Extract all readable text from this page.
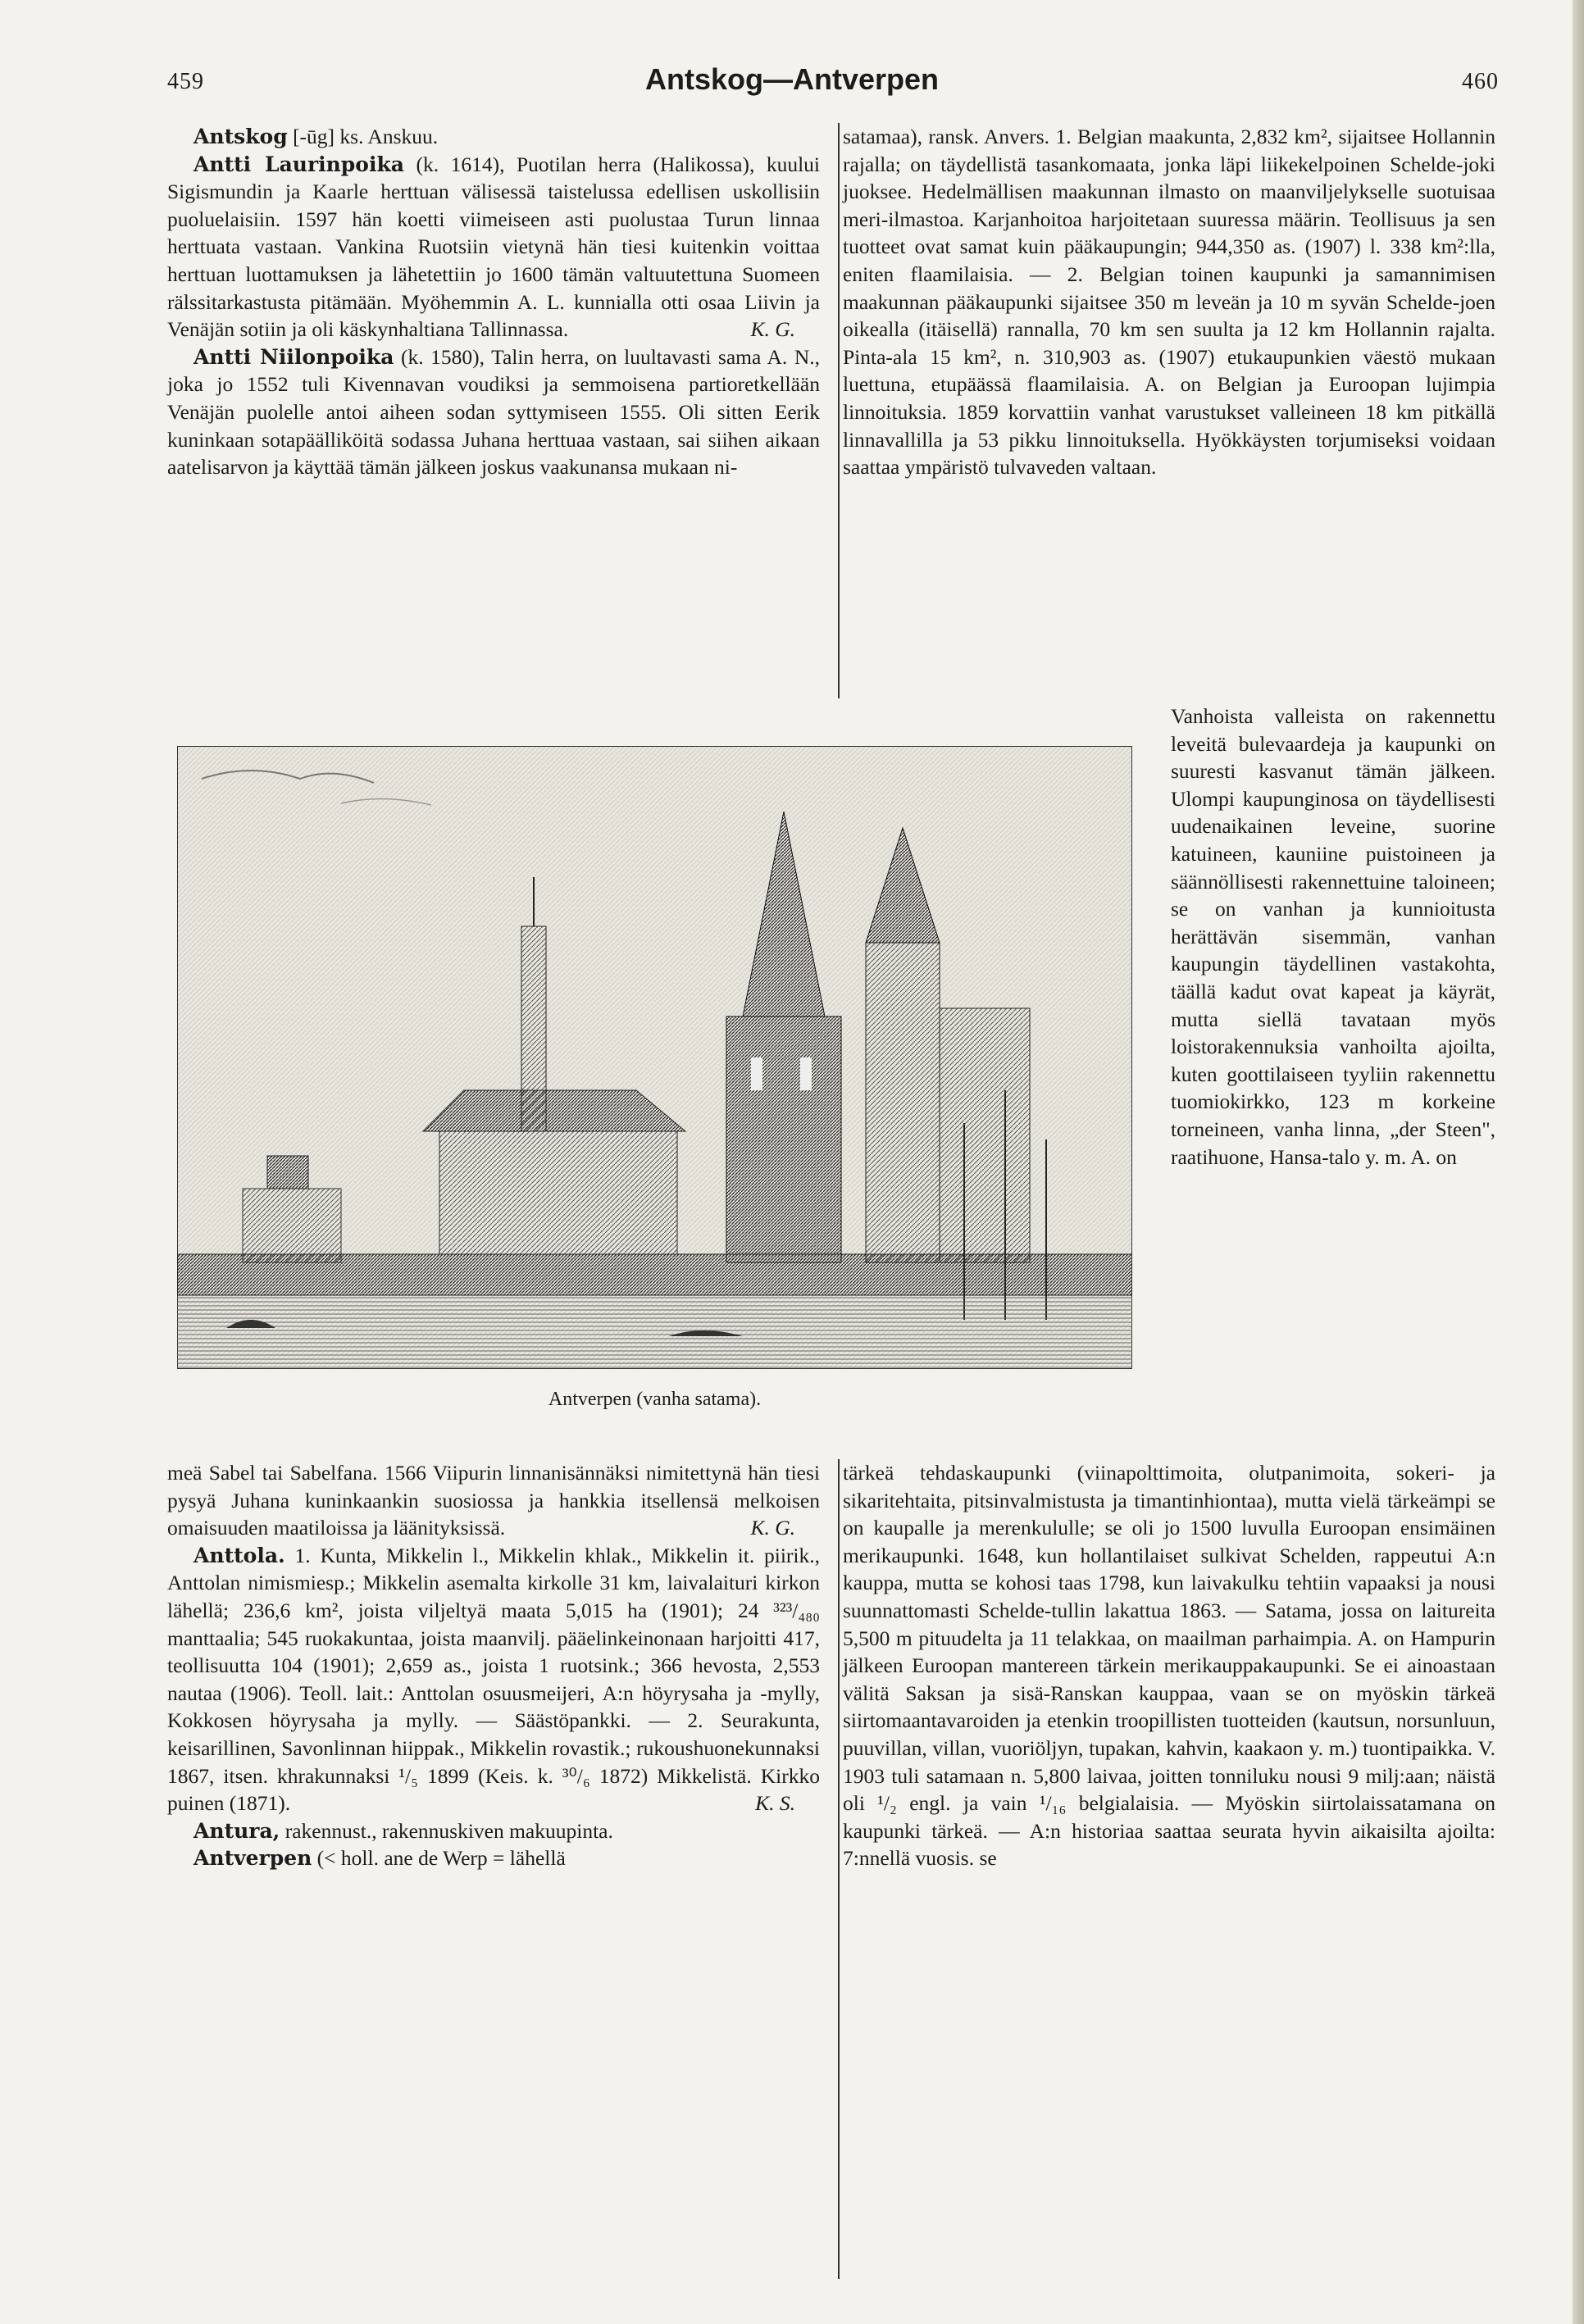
459	Antskog—Antverpen	460

Antskog [-ūg] ks. Anskuu.

Antti Laurinpoika (k. 1614), Puotilan herra (Halikossa), kuului Sigismundin ja Kaarle herttuan välisessä taistelussa edellisen uskollisiin puoluelaisiin. 1597 hän koetti viimeiseen asti puolustaa Turun linnaa herttuata vastaan. Vankina Ruotsiin vietynä hän tiesi kuitenkin voittaa herttuan luottamuksen ja lähetettiin jo 1600 tämän valtuutettuna Suomeen rälssitarkastusta pitämään. Myöhemmin A. L. kunnialla otti osaa Liivin ja Venäjän sotiin ja oli käskynhaltiana Tallinnassa.	K. G.

Antti Niilonpoika (k. 1580), Talin herra, on luultavasti sama A. N., joka jo 1552 tuli Kivennavan voudiksi ja semmoisena partioretkellään Venäjän puolelle antoi aiheen sodan syttymiseen 1555. Oli sitten Eerik kuninkaan sotapäälliköitä sodassa Juhana herttuaa vastaan, sai siihen aikaan aatelisarvon ja käyttää tämän jälkeen joskus vaakunansa mukaan ni-

satamaa), ransk. Anvers. 1. Belgian maakunta, 2,832 km², sijaitsee Hollannin rajalla; on täydellistä tasankomaata, jonka läpi liikekelpoinen Schelde-joki juoksee. Hedelmällisen maakunnan ilmasto on maanviljelykselle suotuisaa meri-ilmastoa. Karjanhoitoa harjoitetaan suuressa määrin. Teollisuus ja sen tuotteet ovat samat kuin pääkaupungin; 944,350 as. (1907) l. 338 km²:lla, eniten flaamilaisia. — 2. Belgian toinen kaupunki ja samannimisen maakunnan pääkaupunki sijaitsee 350 m leveän ja 10 m syvän Schelde-joen oikealla (itäisellä) rannalla, 70 km sen suulta ja 12 km Hollannin rajalta. Pinta-ala 15 km², n. 310,903 as. (1907) etukaupunkien väestö mukaan luettuna, etupäässä flaamilaisia. A. on Belgian ja Euroopan lujimpia linnoituksia. 1859 korvattiin vanhat varustukset valleineen 18 km pitkällä linnavallilla ja 53 pikku linnoituksella. Hyökkäysten torjumiseksi voidaan saattaa ympäristö tulvaveden valtaan.

Antverpen (vanha satama).

Vanhoista valleista on rakennettu leveitä bulevaardeja ja kaupunki on suuresti kasvanut tämän jälkeen. Ulompi kaupunginosa on täydellisesti uudenaikainen leveine, suorine katuineen, kauniine puistoineen ja säännöllisesti rakennettuine taloineen; se on vanhan ja kunnioitusta herättävän sisemmän, vanhan kaupungin täydellinen vastakohta, täällä kadut ovat kapeat ja käyrät, mutta siellä tavataan myös loistorakennuksia vanhoilta ajoilta, kuten goottilaiseen tyyliin rakennettu tuomiokirkko, 123 m korkeine torneineen, vanha linna, „der Steen", raatihuone, Hansa-talo y. m. A. on

meä Sabel tai Sabelfana. 1566 Viipurin linnanisännäksi nimitettynä hän tiesi pysyä Juhana kuninkaankin suosiossa ja hankkia itsellensä melkoisen omaisuuden maatiloissa ja läänityksissä.	K. G.

Anttola. 1. Kunta, Mikkelin l., Mikkelin khlak., Mikkelin it. piirik., Anttolan nimismiesp.; Mikkelin asemalta kirkolle 31 km, laivalaituri kirkon lähellä; 236,6 km², joista viljeltyä maata 5,015 ha (1901); 24 ³²³/₄₈₀ manttaalia; 545 ruokakuntaa, joista maanvilj. pääelinkeinonaan harjoitti 417, teollisuutta 104 (1901); 2,659 as., joista 1 ruotsink.; 366 hevosta, 2,553 nautaa (1906). Teoll. lait.: Anttolan osuusmeijeri, A:n höyrysaha ja -mylly, Kokkosen höyrysaha ja mylly. — Säästöpankki. — 2. Seurakunta, keisarillinen, Savonlinnan hiippak., Mikkelin rovastik.; rukoushuonekunnaksi 1867, itsen. khrakunnaksi ¹/₅ 1899 (Keis. k. ³⁰/₆ 1872) Mikkelistä. Kirkko puinen (1871).	K. S.

Antura, rakennust., rakennuskiven makuupinta.

Antverpen (< holl. ane de Werp = lähellä

tärkeä tehdaskaupunki (viinapolttimoita, olutpanimoita, sokeri- ja sikaritehtaita, pitsinvalmistusta ja timantinhiontaa), mutta vielä tärkeämpi se on kaupalle ja merenkululle; se oli jo 1500 luvulla Euroopan ensimäinen merikaupunki. 1648, kun hollantilaiset sulkivat Schelden, rappeutui A:n kauppa, mutta se kohosi taas 1798, kun laivakulku tehtiin vapaaksi ja nousi suunnattomasti Schelde-tullin lakattua 1863. — Satama, jossa on laitureita 5,500 m pituudelta ja 11 telakkaa, on maailman parhaimpia. A. on Hampurin jälkeen Euroopan mantereen tärkein merikauppakaupunki. Se ei ainoastaan välitä Saksan ja sisä-Ranskan kauppaa, vaan se on myöskin tärkeä siirtomaantavaroiden ja etenkin troopillisten tuotteiden (kautsun, norsunluun, puuvillan, villan, vuoriöljyn, tupakan, kahvin, kaakaon y. m.) tuontipaikka. V. 1903 tuli satamaan n. 5,800 laivaa, joitten tonniluku nousi 9 milj:aan; näistä oli ¹/₂ engl. ja vain ¹/₁₆ belgialaisia. — Myöskin siirtolaissatamana on kaupunki tärkeä. — A:n historiaa saattaa seurata hyvin aikaisilta ajoilta: 7:nnellä vuosis. se
